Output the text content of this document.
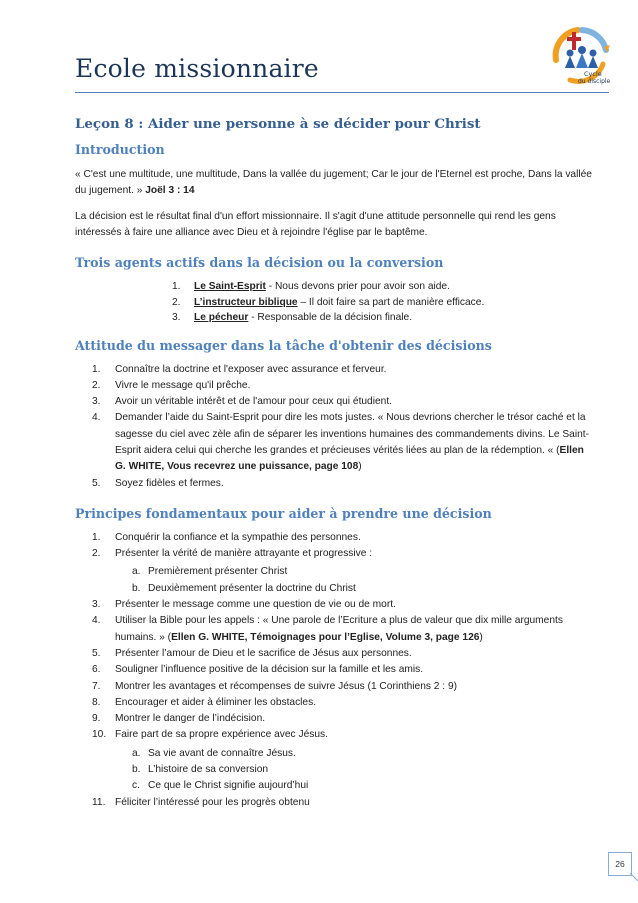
Ecole missionnaire	Cycle
du disciple
Leçon 8 : Aider une personne à se décider pour Christ
Introduction

« C'est une multitude, une multitude, Dans la vallée du jugement; Car le jour de l'Eternel est proche, Dans la vallée du jugement. » Joël 3 : 14

La décision est le résultat final d'un effort missionnaire. Il s'agit d'une attitude personnelle qui rend les gens intéressés à faire une alliance avec Dieu et à rejoindre l'église par le baptême.

Trois agents actifs dans la décision ou la conversion
1.	Le Saint-Esprit - Nous devons prier pour avoir son aide.
2.	L’instructeur biblique – Il doit faire sa part de manière efficace.
3.	Le pécheur - Responsable de la décision finale.
Attitude du messager dans la tâche d'obtenir des décisions
1.	Connaître la doctrine et l'exposer avec assurance et ferveur.
2.	Vivre le message qu'il prêche.
3.	Avoir un véritable intérêt et de l'amour pour ceux qui étudient.
4.	Demander l’aide du Saint-Esprit pour dire les mots justes. « Nous devrions chercher le trésor caché et la sagesse du ciel avec zèle afin de séparer les inventions humaines des commandements divins. Le Saint-Esprit aidera celui qui cherche les grandes et précieuses vérités liées au plan de la rédemption. « (Ellen G. WHITE, Vous recevrez une puissance, page 108)
5.	Soyez fidèles et fermes.
Principes fondamentaux pour aider à prendre une décision
1.	Conquérir la confiance et la sympathie des personnes.
2.	Présenter la vérité de manière attrayante et progressive :
a. Premièrement présenter Christ
b. Deuxièmement présenter la doctrine du Christ
3.	Présenter le message comme une question de vie ou de mort.
4.	Utiliser la Bible pour les appels : « Une parole de l’Ecriture a plus de valeur que dix mille arguments humains. » (Ellen G. WHITE, Témoignages pour l’Eglise, Volume 3, page 126)
5.	Présenter l’amour de Dieu et le sacrifice de Jésus aux personnes.
6.	Souligner l’influence positive de la décision sur la famille et les amis.
7.	Montrer les avantages et récompenses de suivre Jésus (1 Corinthiens 2 : 9)
8.	Encourager et aider à éliminer les obstacles.
9.	Montrer le danger de l’indécision.
10. Faire part de sa propre expérience avec Jésus.
a. Sa vie avant de connaître Jésus.
b. L’histoire de sa conversion
c. Ce que le Christ signifie aujourd’hui
11. Féliciter l’intéressé pour les progrès obtenu
26
